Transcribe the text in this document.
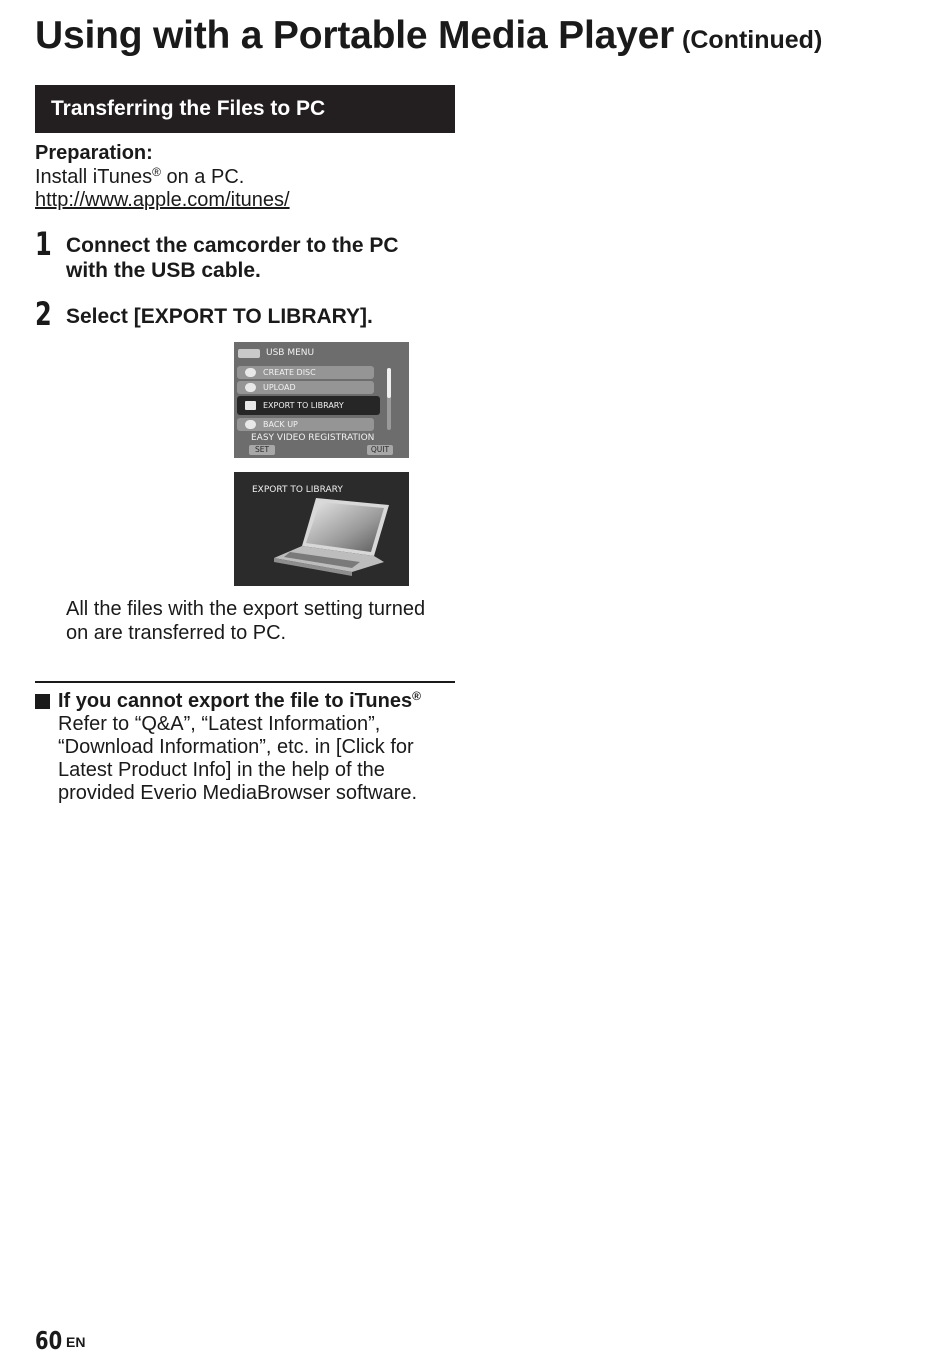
Using with a Portable Media Player (Continued)
Transferring the Files to PC
Preparation:
Install iTunes® on a PC.
http://www.apple.com/itunes/
1 Connect the camcorder to the PC with the USB cable.
2 Select [EXPORT TO LIBRARY].
USB MENU
CREATE DISC
UPLOAD
EXPORT TO LIBRARY
BACK UP
EASY VIDEO REGISTRATION
SET	QUIT
EXPORT TO LIBRARY
All the files with the export setting turned on are transferred to PC.
If you cannot export the file to iTunes®
Refer to “Q&A”, “Latest Information”, “Download Information”, etc. in [Click for Latest Product Info] in the help of the provided Everio MediaBrowser software.
60 EN
